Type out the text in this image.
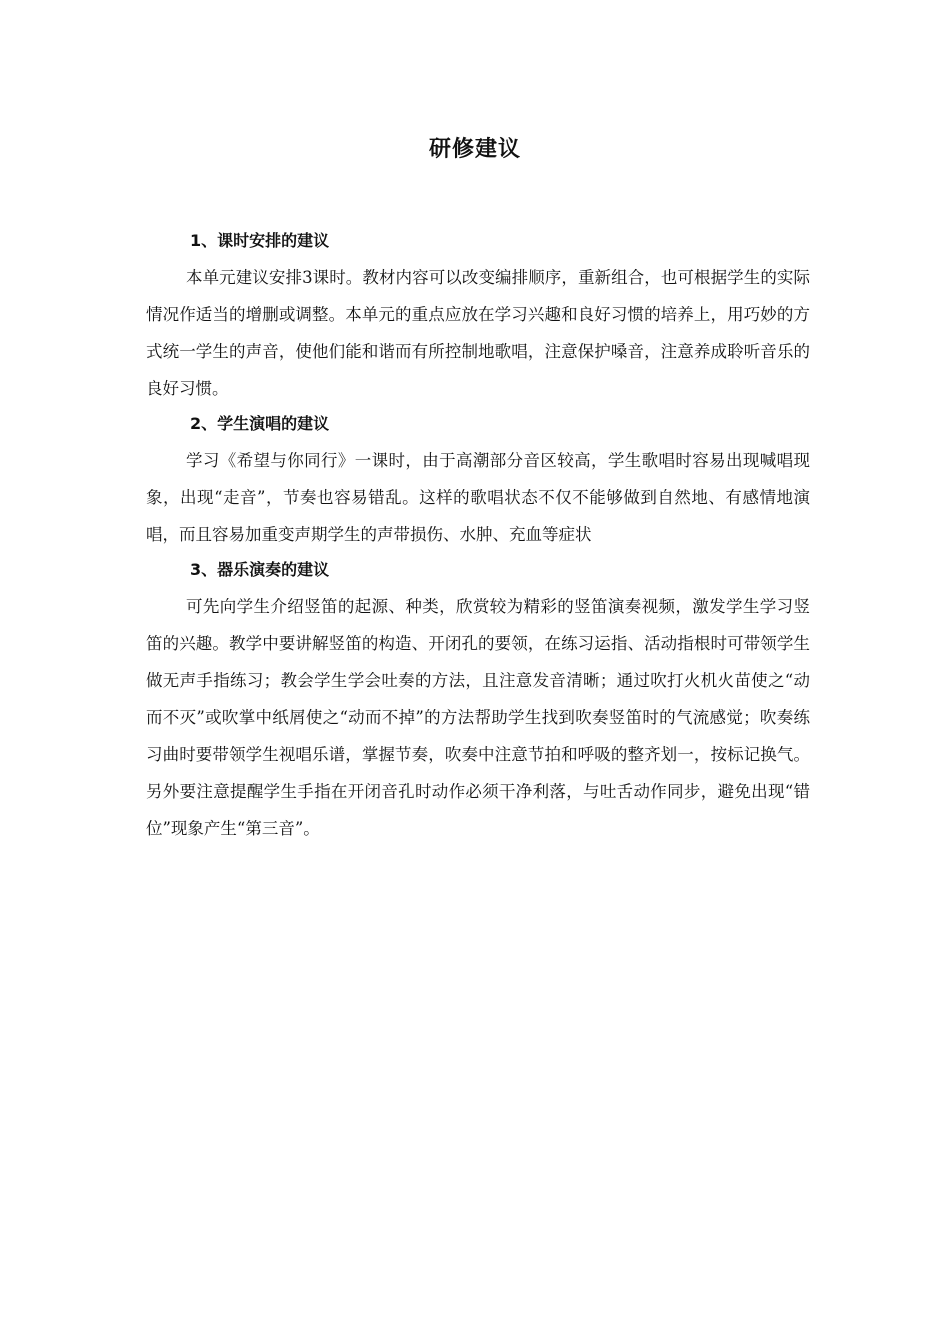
研修建议
1、课时安排的建议

本单元建议安排3课时。教材内容可以改变编排顺序，重新组合，也可根据学生的实际情况作适当的增删或调整。本单元的重点应放在学习兴趣和良好习惯的培养上，用巧妙的方式统一学生的声音，使他们能和谐而有所控制地歌唱，注意保护嗓音，注意养成聆听音乐的良好习惯。

2、学生演唱的建议

学习《希望与你同行》一课时，由于高潮部分音区较高，学生歌唱时容易出现喊唱现象，出现“走音”，节奏也容易错乱。这样的歌唱状态不仅不能够做到自然地、有感情地演唱，而且容易加重变声期学生的声带损伤、水肿、充血等症状

3、器乐演奏的建议

可先向学生介绍竖笛的起源、种类，欣赏较为精彩的竖笛演奏视频，激发学生学习竖笛的兴趣。教学中要讲解竖笛的构造、开闭孔的要领，在练习运指、活动指根时可带领学生做无声手指练习；教会学生学会吐奏的方法，且注意发音清晰；通过吹打火机火苗使之“动而不灭”或吹掌中纸屑使之“动而不掉”的方法帮助学生找到吹奏竖笛时的气流感觉；吹奏练习曲时要带领学生视唱乐谱，掌握节奏，吹奏中注意节拍和呼吸的整齐划一，按标记换气。另外要注意提醒学生手指在开闭音孔时动作必须干净利落，与吐舌动作同步，避免出现“错位”现象产生“第三音”。
